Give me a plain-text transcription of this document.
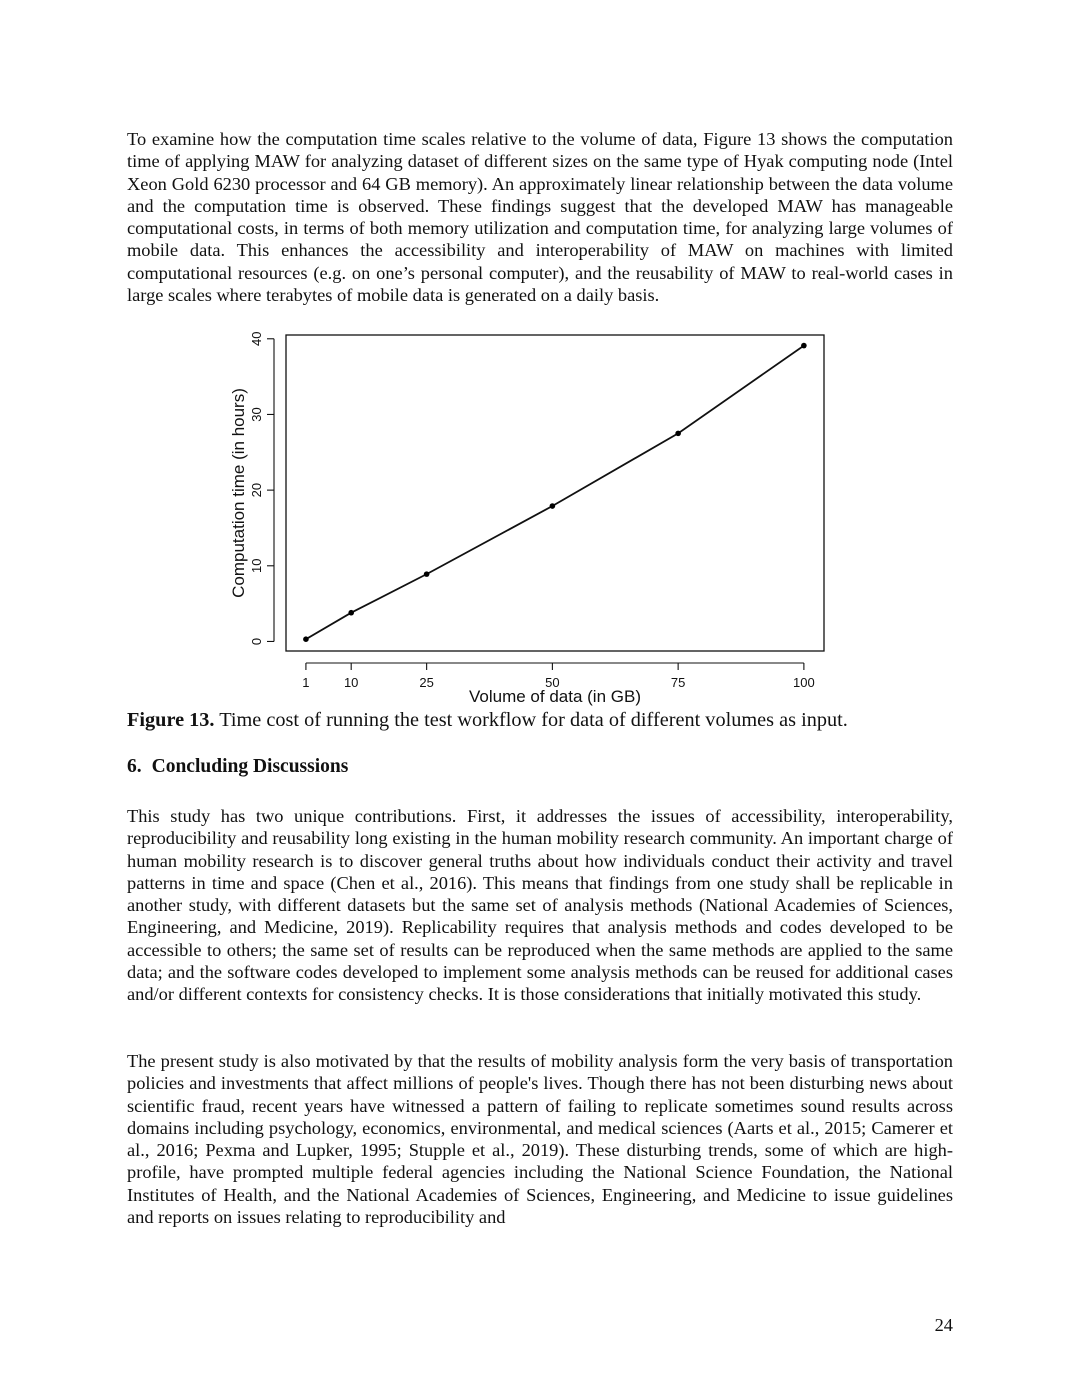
To examine how the computation time scales relative to the volume of data, Figure 13 shows the computation time of applying MAW for analyzing dataset of different sizes on the same type of Hyak computing node (Intel Xeon Gold 6230 processor and 64 GB memory). An approximately linear relationship between the data volume and the computation time is observed. These findings suggest that the developed MAW has manageable computational costs, in terms of both memory utilization and computation time, for analyzing large volumes of mobile data. This enhances the accessibility and interoperability of MAW on machines with limited computational resources (e.g. on one’s personal computer), and the reusability of MAW to real-world cases in large scales where terabytes of mobile data is generated on a daily basis.

0
10
20
30
40
1	10	25	50	75	100
Volume of data (in GB)
Computation time (in hours)

Figure 13. Time cost of running the test workflow for data of different volumes as input.

6. Concluding Discussions

This study has two unique contributions. First, it addresses the issues of accessibility, interoperability, reproducibility and reusability long existing in the human mobility research community. An important charge of human mobility research is to discover general truths about how individuals conduct their activity and travel patterns in time and space (Chen et al., 2016). This means that findings from one study shall be replicable in another study, with different datasets but the same set of analysis methods (National Academies of Sciences, Engineering, and Medicine, 2019). Replicability requires that analysis methods and codes developed to be accessible to others; the same set of results can be reproduced when the same methods are applied to the same data; and the software codes developed to implement some analysis methods can be reused for additional cases and/or different contexts for consistency checks. It is those considerations that initially motivated this study.

The present study is also motivated by that the results of mobility analysis form the very basis of transportation policies and investments that affect millions of people's lives. Though there has not been disturbing news about scientific fraud, recent years have witnessed a pattern of failing to replicate sometimes sound results across domains including psychology, economics, environmental, and medical sciences (Aarts et al., 2015; Camerer et al., 2016; Pexma and Lupker, 1995; Stupple et al., 2019). These disturbing trends, some of which are high-profile, have prompted multiple federal agencies including the National Science Foundation, the National Institutes of Health, and the National Academies of Sciences, Engineering, and Medicine to issue guidelines and reports on issues relating to reproducibility and

24
